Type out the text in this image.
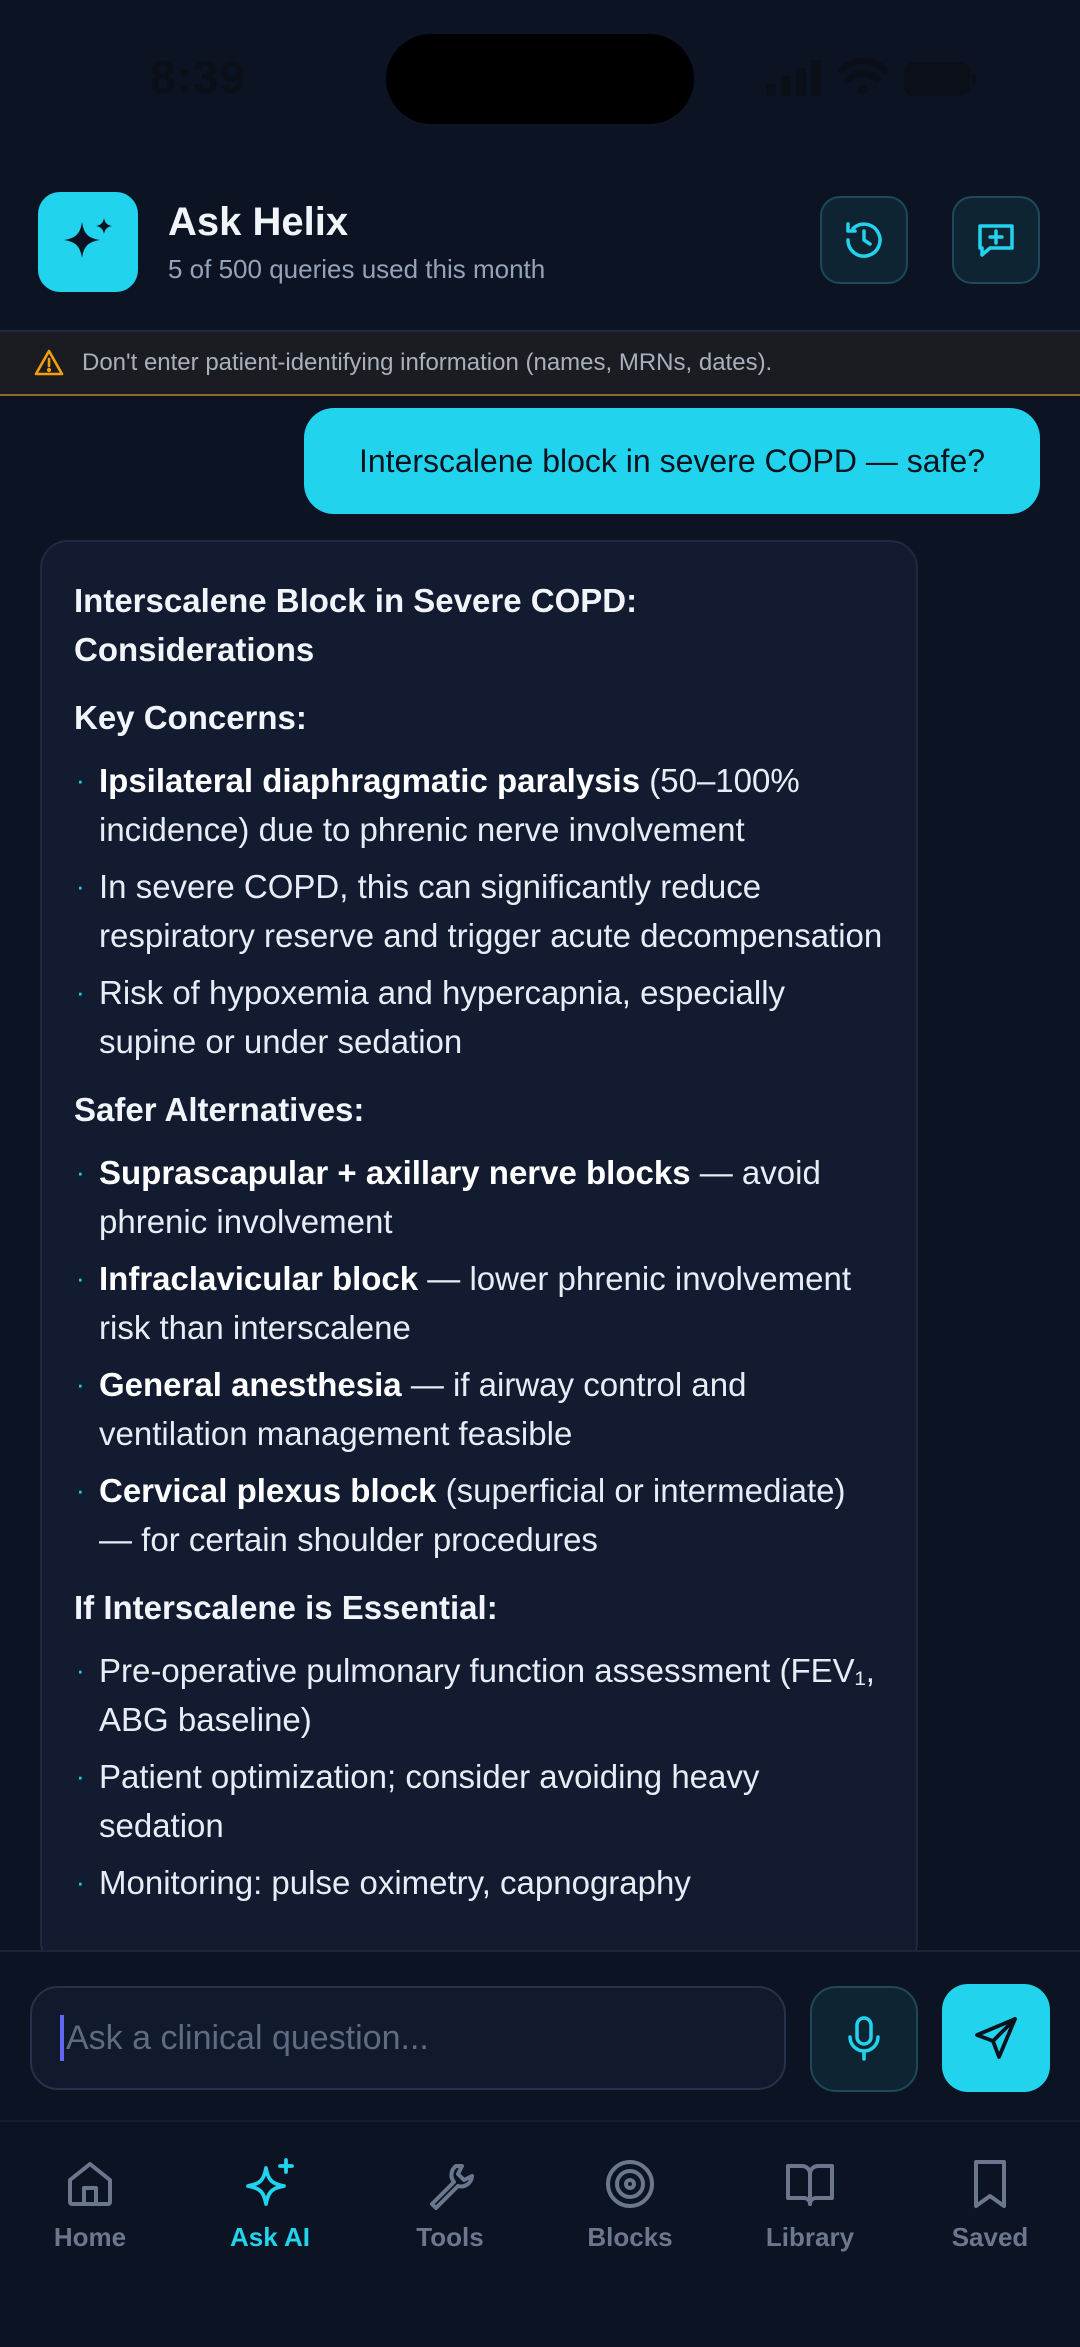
8:39
Ask Helix
5 of 500 queries used this month
Don't enter patient-identifying information (names, MRNs, dates).
Interscalene block in severe COPD — safe?
Interscalene Block in Severe COPD: Considerations
Key Concerns:
· Ipsilateral diaphragmatic paralysis (50–100% incidence) due to phrenic nerve involvement
· In severe COPD, this can significantly reduce respiratory reserve and trigger acute decompensation
· Risk of hypoxemia and hypercapnia, especially supine or under sedation
Safer Alternatives:
· Suprascapular + axillary nerve blocks — avoid phrenic involvement
· Infraclavicular block — lower phrenic involvement risk than interscalene
· General anesthesia — if airway control and ventilation management feasible
· Cervical plexus block (superficial or intermediate) — for certain shoulder procedures
If Interscalene is Essential:
· Pre-operative pulmonary function assessment (FEV₁, ABG baseline)
· Patient optimization; consider avoiding heavy sedation
· Monitoring: pulse oximetry, capnography
Ask a clinical question...
Home	Ask AI	Tools	Blocks	Library	Saved
